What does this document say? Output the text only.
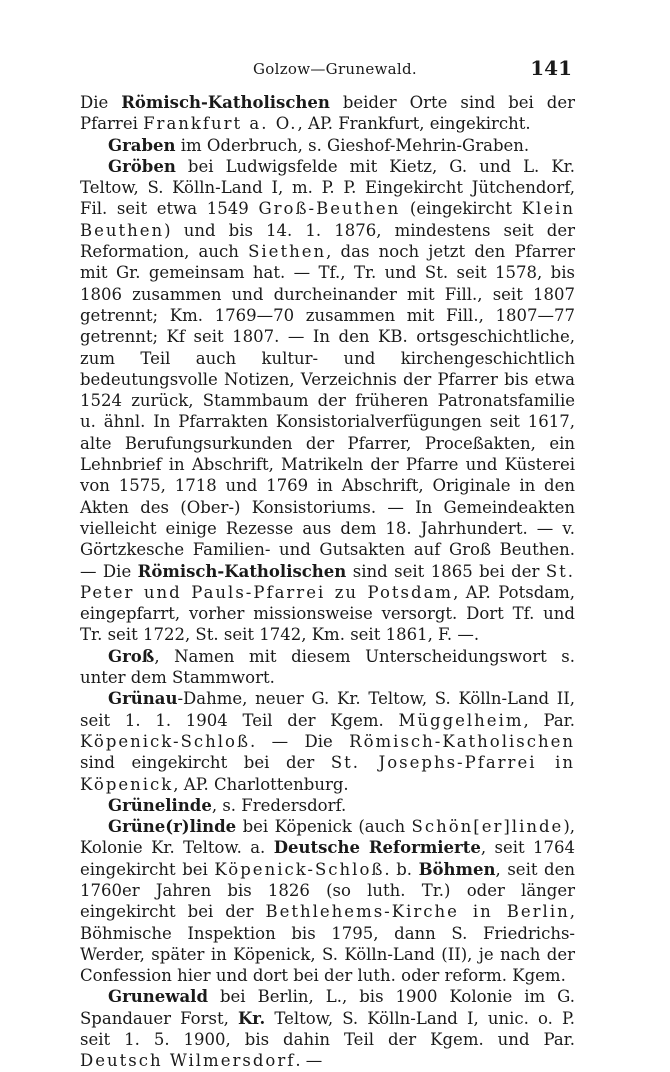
Golzow—Grunewald.	141

Die Römisch-Katholischen beider Orte sind bei der Pfarrei Frankfurt a. O., AP. Frankfurt, eingekircht.

Graben im Oderbruch, s. Gieshof-Mehrin-Graben.

Gröben bei Ludwigsfelde mit Kietz, G. und L. Kr. Teltow, S. Kölln-Land I, m. P. P. Eingekircht Jütchendorf, Fil. seit etwa 1549 Groß-Beuthen (eingekircht Klein Beuthen) und bis 14. 1. 1876, mindestens seit der Reformation, auch Siethen, das noch jetzt den Pfarrer mit Gr. gemeinsam hat. — Tf., Tr. und St. seit 1578, bis 1806 zusammen und durcheinander mit Fill., seit 1807 getrennt; Km. 1769—70 zusammen mit Fill., 1807—77 getrennt; Kf seit 1807. — In den KB. ortsgeschichtliche, zum Teil auch kultur- und kirchengeschichtlich bedeutungsvolle Notizen, Verzeichnis der Pfarrer bis etwa 1524 zurück, Stammbaum der früheren Patronatsfamilie u. ähnl. In Pfarrakten Konsistorialverfügungen seit 1617, alte Berufungsurkunden der Pfarrer, Proceßakten, ein Lehnbrief in Abschrift, Matrikeln der Pfarre und Küsterei von 1575, 1718 und 1769 in Abschrift, Originale in den Akten des (Ober-) Konsistoriums. — In Gemeindeakten vielleicht einige Rezesse aus dem 18. Jahrhundert. — v. Görtzkesche Familien- und Gutsakten auf Groß Beuthen. — Die Römisch-Katholischen sind seit 1865 bei der St. Peter und Pauls-Pfarrei zu Potsdam, AP. Potsdam, eingepfarrt, vorher missionsweise versorgt. Dort Tf. und Tr. seit 1722, St. seit 1742, Km. seit 1861, F. —.

Groß, Namen mit diesem Unterscheidungswort s. unter dem Stammwort.

Grünau-Dahme, neuer G. Kr. Teltow, S. Kölln-Land II, seit 1. 1. 1904 Teil der Kgem. Müggelheim, Par. Köpenick-Schloß. — Die Römisch-Katholischen sind eingekircht bei der St. Josephs-Pfarrei in Köpenick, AP. Charlottenburg.

Grünelinde, s. Fredersdorf.

Grüne(r)linde bei Köpenick (auch Schön[er]linde), Kolonie Kr. Teltow. a. Deutsche Reformierte, seit 1764 eingekircht bei Köpenick-Schloß. b. Böhmen, seit den 1760er Jahren bis 1826 (so luth. Tr.) oder länger eingekircht bei der Bethlehems-Kirche in Berlin, Böhmische Inspektion bis 1795, dann S. Friedrichs-Werder, später in Köpenick, S. Kölln-Land (II), je nach der Confession hier und dort bei der luth. oder reform. Kgem.

Grunewald bei Berlin, L., bis 1900 Kolonie im G. Spandauer Forst, Kr. Teltow, S. Kölln-Land I, unic. o. P. seit 1. 5. 1900, bis dahin Teil der Kgem. und Par. Deutsch Wilmersdorf. —
